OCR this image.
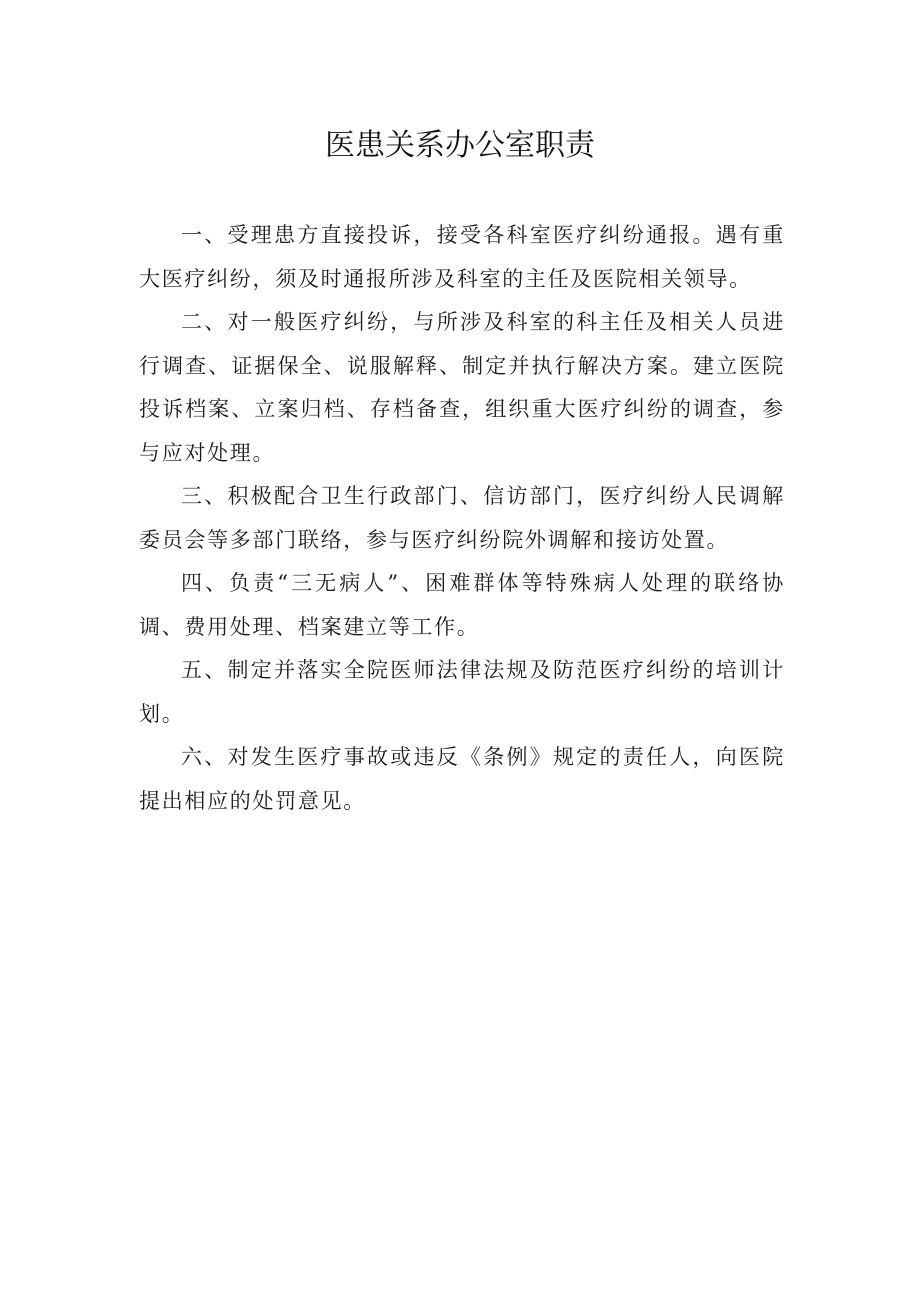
医患关系办公室职责

一、受理患方直接投诉，接受各科室医疗纠纷通报。遇有重大医疗纠纷，须及时通报所涉及科室的主任及医院相关领导。

二、对一般医疗纠纷，与所涉及科室的科主任及相关人员进行调查、证据保全、说服解释、制定并执行解决方案。建立医院投诉档案、立案归档、存档备查，组织重大医疗纠纷的调查，参与应对处理。

三、积极配合卫生行政部门、信访部门，医疗纠纷人民调解委员会等多部门联络，参与医疗纠纷院外调解和接访处置。

四、负责“三无病人”、困难群体等特殊病人处理的联络协调、费用处理、档案建立等工作。

五、制定并落实全院医师法律法规及防范医疗纠纷的培训计划。

六、对发生医疗事故或违反《条例》规定的责任人，向医院提出相应的处罚意见。
